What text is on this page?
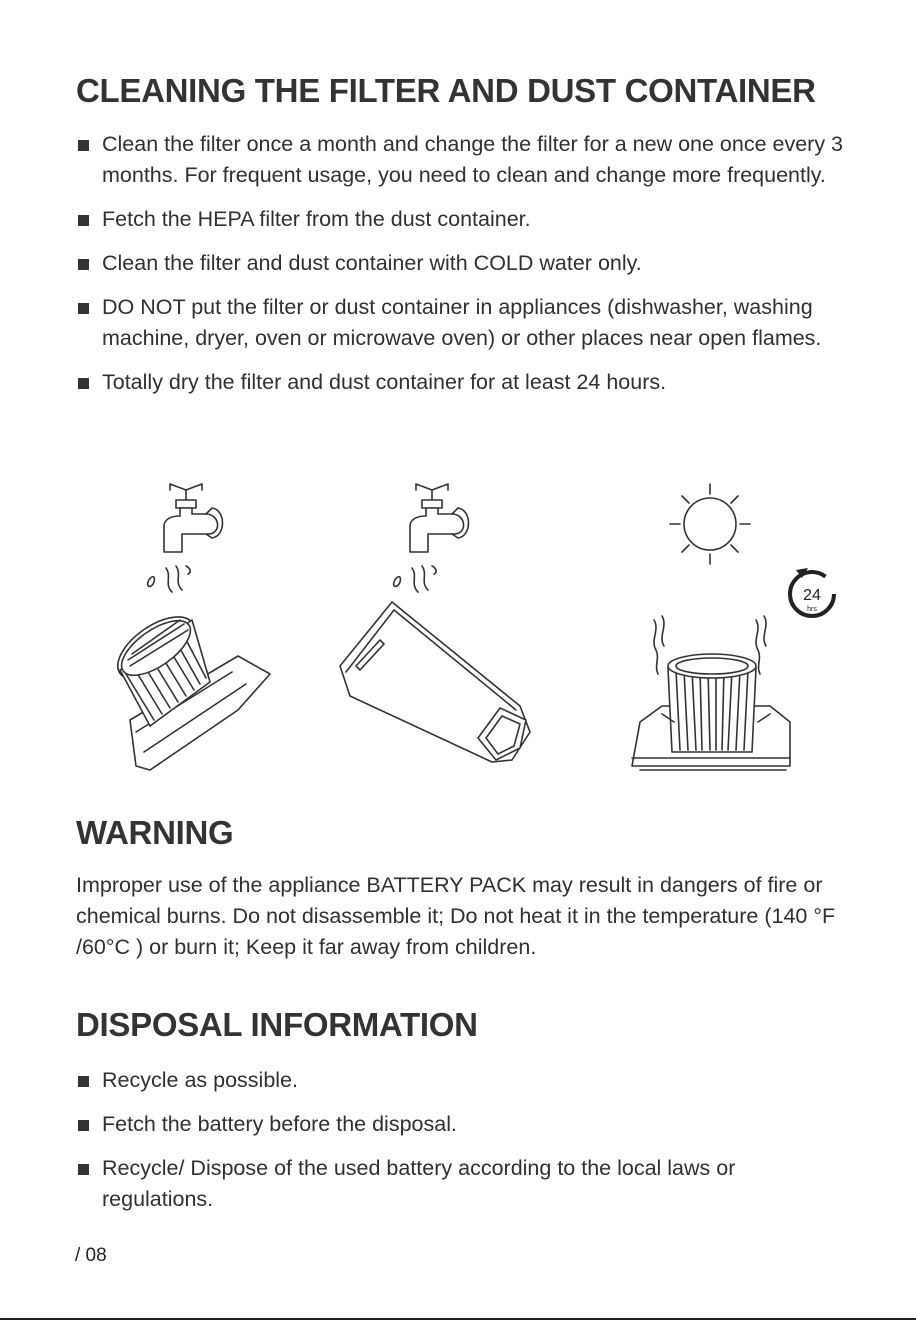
CLEANING THE FILTER AND DUST CONTAINER
Clean the filter once a month and change the filter for a new one once every 3 months. For frequent usage, you need to clean and change more frequently.
Fetch the HEPA filter from the dust container.
Clean the filter and dust container with COLD water only.
DO NOT put the filter or dust container in appliances (dishwasher, washing machine, dryer, oven or microwave oven) or other places near open flames.
Totally dry the filter and dust container for at least 24 hours.
24
hrs
WARNING

Improper use of the appliance BATTERY PACK may result in dangers of fire or chemical burns. Do not disassemble it; Do not heat it in the temperature (140 °F /60°C ) or burn it; Keep it far away from children.

DISPOSAL INFORMATION
Recycle as possible.
Fetch the battery before the disposal.
Recycle/ Dispose of the used battery according to the local laws or regulations.
/ 08
